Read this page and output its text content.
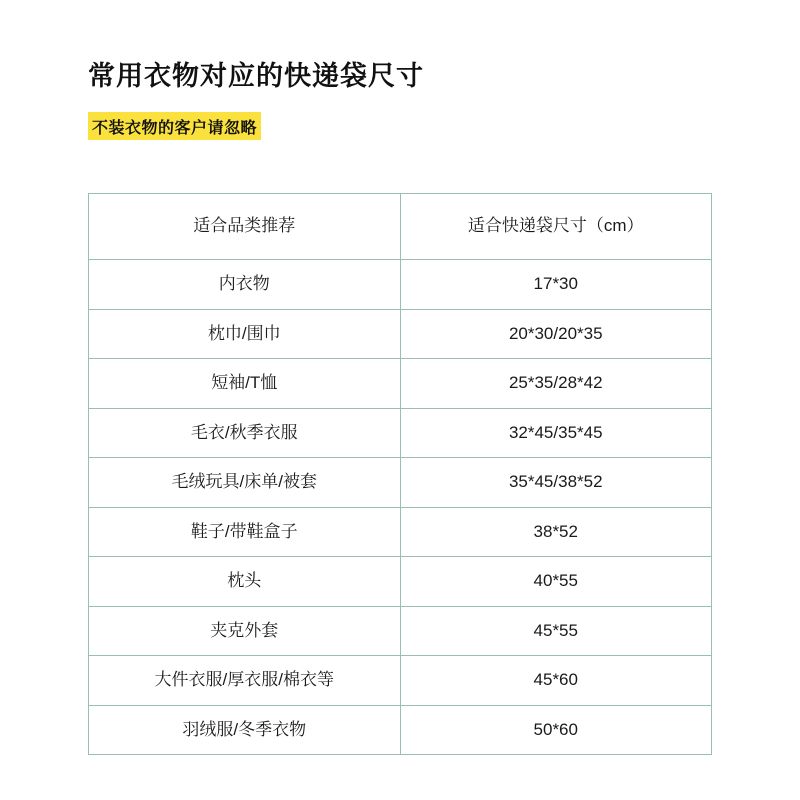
常用衣物对应的快递袋尺寸
不装衣物的客户请忽略
适合品类推荐	适合快递袋尺寸（cm）
内衣物	17*30
枕巾/围巾	20*30/20*35
短袖/T恤	25*35/28*42
毛衣/秋季衣服	32*45/35*45
毛绒玩具/床单/被套	35*45/38*52
鞋子/带鞋盒子	38*52
枕头	40*55
夹克外套	45*55
大件衣服/厚衣服/棉衣等	45*60
羽绒服/冬季衣物	50*60
